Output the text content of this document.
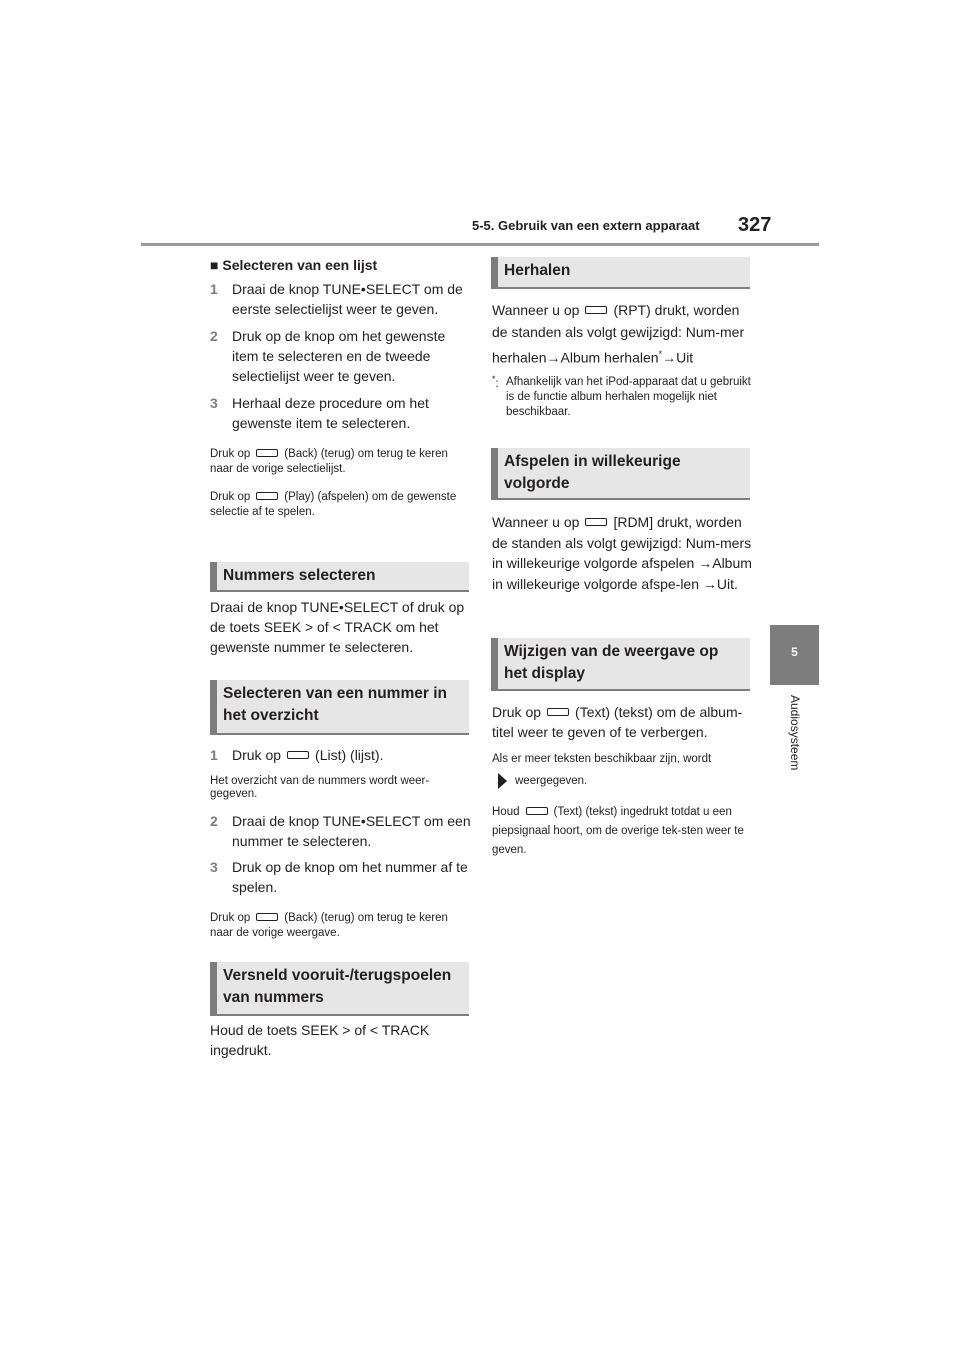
5-5. Gebruik van een extern apparaat 327
5
Audiosysteem

■ Selecteren van een lijst

1 Draai de knop TUNE•SELECT om de eerste selectielijst weer te geven.

2 Druk op de knop om het gewenste item te selecteren en de tweede selectielijst weer te geven.

3 Herhaal deze procedure om het gewenste item te selecteren.

Druk op	(Back) (terug) om terug te keren naar de vorige selectielijst.

Druk op	(Play) (afspelen) om de gewenste selectie af te spelen.

Nummers selecteren

Draai de knop TUNE•SELECT of druk op de toets SEEK > of < TRACK om het gewenste nummer te selecteren.

Selecteren van een nummer in het overzicht

1 Druk op (List) (lijst).

Het overzicht van de nummers wordt weer-gegeven.

2 Draai de knop TUNE•SELECT om een nummer te selecteren.

3 Druk op de knop om het nummer af te spelen.

Druk op	(Back) (terug) om terug te keren naar de vorige weergave.

Versneld vooruit-/terugspoelen van nummers

Houd de toets SEEK > of < TRACK ingedrukt.

Herhalen

Wanneer u op (RPT) drukt, worden de standen als volgt gewijzigd: Num-mer herhalen→Album herhalen*→Uit

*: Afhankelijk van het iPod-apparaat dat u gebruikt is de functie album herhalen mogelijk niet beschikbaar.

Afspelen in willekeurige volgorde

Wanneer u op [RDM] drukt, worden de standen als volgt gewijzigd: Num-mers in willekeurige volgorde afspelen →Album in willekeurige volgorde afspe-len →Uit.

Wijzigen van de weergave op het display

Druk op (Text) (tekst) om de album-titel weer te geven of te verbergen.

Als er meer teksten beschikbaar zijn, wordt

weergegeven.

Houd	(Text) (tekst) ingedrukt totdat u een piepsignaal hoort, om de overige tek-sten weer te geven.
